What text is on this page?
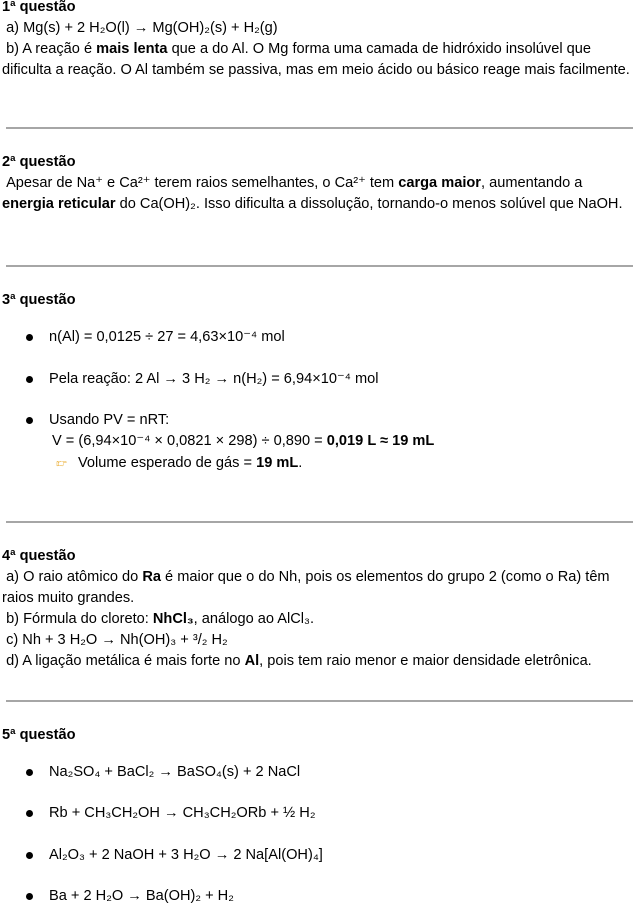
1ª questão
a) Mg(s) + 2 H₂O(l) → Mg(OH)₂(s) + H₂(g)
b) A reação é mais lenta que a do Al. O Mg forma uma camada de hidróxido insolúvel que dificulta a reação. O Al também se passiva, mas em meio ácido ou básico reage mais facilmente.
2ª questão
Apesar de Na⁺ e Ca²⁺ terem raios semelhantes, o Ca²⁺ tem carga maior, aumentando a energia reticular do Ca(OH)₂. Isso dificulta a dissolução, tornando-o menos solúvel que NaOH.
3ª questão
n(Al) = 0,0125 ÷ 27 = 4,63×10⁻⁴ mol
Pela reação: 2 Al → 3 H₂ → n(H₂) = 6,94×10⁻⁴ mol
Usando PV = nRT:
V = (6,94×10⁻⁴ × 0,0821 × 298) ÷ 0,890 = 0,019 L ≈ 19 mL
👉︎ Volume esperado de gás = 19 mL.
4ª questão
a) O raio atômico do Ra é maior que o do Nh, pois os elementos do grupo 2 (como o Ra) têm raios muito grandes.
b) Fórmula do cloreto: NhCl₃, análogo ao AlCl₃.
c) Nh + 3 H₂O → Nh(OH)₃ + ³/₂ H₂
d) A ligação metálica é mais forte no Al, pois tem raio menor e maior densidade eletrônica.
5ª questão
Na₂SO₄ + BaCl₂ → BaSO₄(s) + 2 NaCl
Rb + CH₃CH₂OH → CH₃CH₂ORb + ½ H₂
Al₂O₃ + 2 NaOH + 3 H₂O → 2 Na[Al(OH)₄]
Ba + 2 H₂O → Ba(OH)₂ + H₂
